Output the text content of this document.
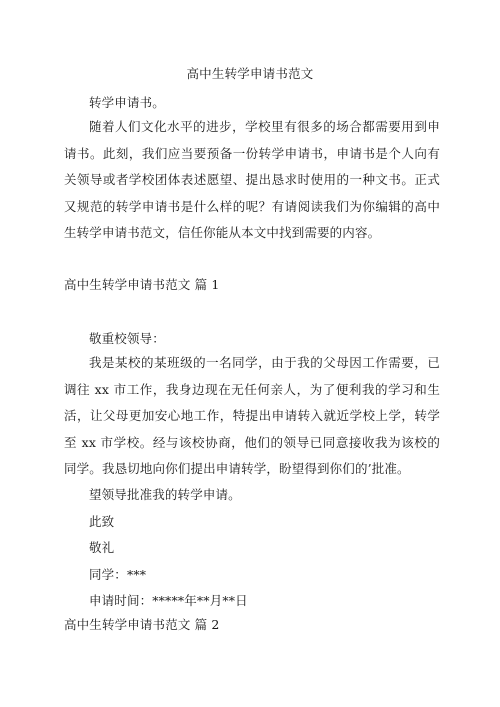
高中生转学申请书范文
转学申请书。
随着人们文化水平的进步，学校里有很多的场合都需要用到申请书。此刻，我们应当要预备一份转学申请书，申请书是个人向有关领导或者学校团体表述愿望、提出恳求时使用的一种文书。正式又规范的转学申请书是什么样的呢？有请阅读我们为你编辑的高中生转学申请书范文，信任你能从本文中找到需要的内容。
高中生转学申请书范文 篇 1
敬重校领导：
我是某校的某班级的一名同学，由于我的父母因工作需要，已调往 xx 市工作，我身边现在无任何亲人，为了便利我的学习和生活，让父母更加安心地工作，特提出申请转入就近学校上学，转学至 xx 市学校。经与该校协商，他们的领导已同意接收我为该校的同学。我恳切地向你们提出申请转学，盼望得到你们的’批准。
望领导批准我的转学申请。
此致
敬礼
同学：***
申请时间：*****年**月**日
高中生转学申请书范文 篇 2
